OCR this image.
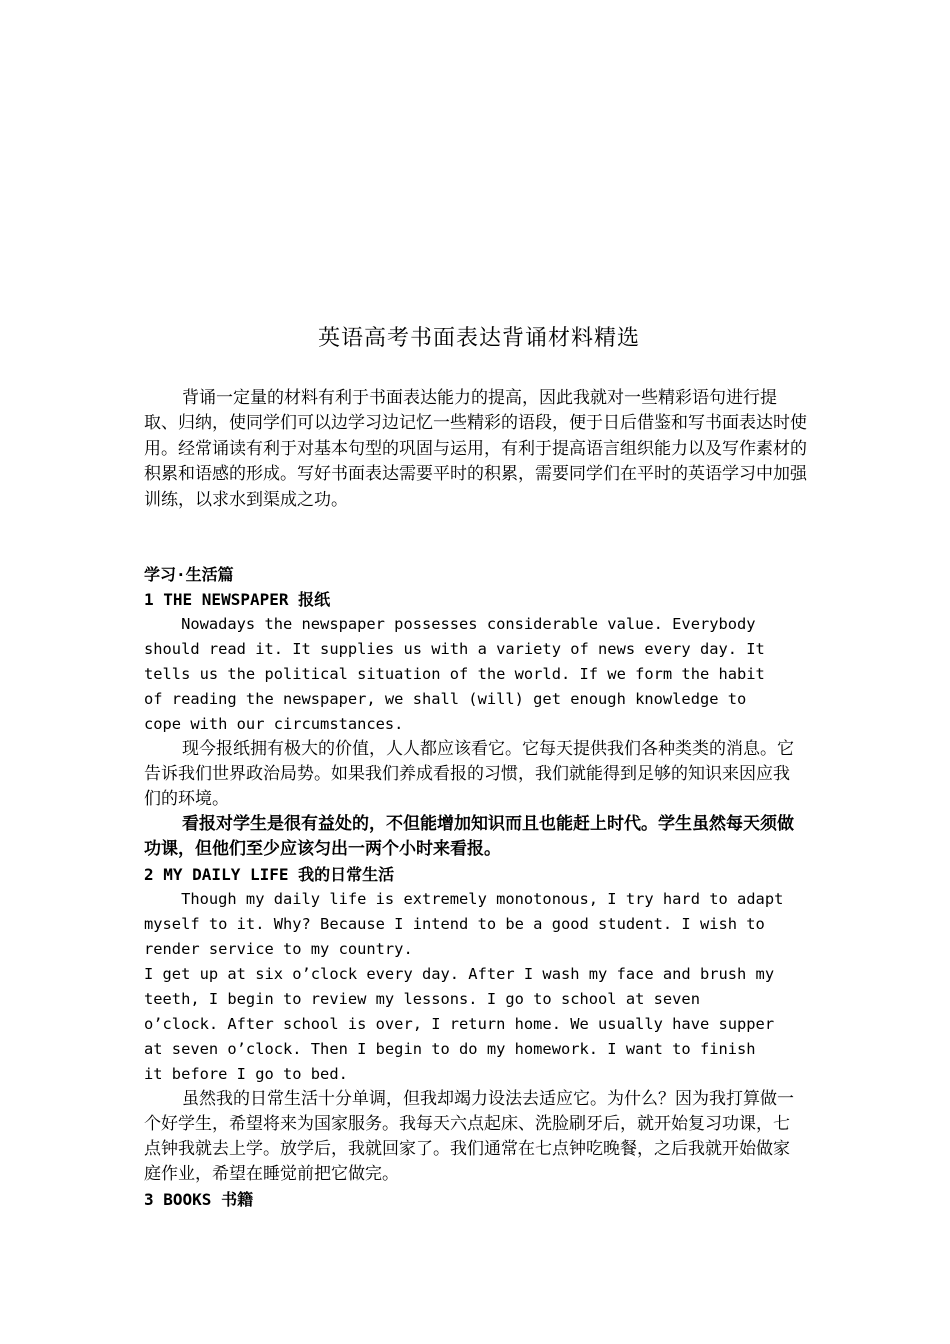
英语高考书面表达背诵材料精选

背诵一定量的材料有利于书面表达能力的提高，因此我就对一些精彩语句进行提取、归纳，使同学们可以边学习边记忆一些精彩的语段，便于日后借鉴和写书面表达时使用。经常诵读有利于对基本句型的巩固与运用，有利于提高语言组织能力以及写作素材的积累和语感的形成。写好书面表达需要平时的积累，需要同学们在平时的英语学习中加强训练，以求水到渠成之功。

学习·生活篇
1 THE NEWSPAPER 报纸
Nowadays the newspaper possesses considerable value. Everybody
should read it. It supplies us with a variety of news every day. It
tells us the political situation of the world. If we form the habit
of reading the newspaper, we shall (will) get enough knowledge to
cope with our circumstances.

现今报纸拥有极大的价值，人人都应该看它。它每天提供我们各种类类的消息。它告诉我们世界政治局势。如果我们养成看报的习惯，我们就能得到足够的知识来因应我们的环境。

看报对学生是很有益处的，不但能增加知识而且也能赶上时代。学生虽然每天须做功课，但他们至少应该匀出一两个小时来看报。

2 MY DAILY LIFE 我的日常生活
Though my daily life is extremely monotonous, I try hard to adapt
myself to it. Why? Because I intend to be a good student. I wish to
render service to my country.
I get up at six o’clock every day. After I wash my face and brush my
teeth, I begin to review my lessons. I go to school at seven
o’clock. After school is over, I return home. We usually have supper
at seven o’clock. Then I begin to do my homework. I want to finish
it before I go to bed.

虽然我的日常生活十分单调，但我却竭力设法去适应它。为什么？因为我打算做一个好学生，希望将来为国家服务。我每天六点起床、洗脸刷牙后，就开始复习功课，七点钟我就去上学。放学后，我就回家了。我们通常在七点钟吃晚餐，之后我就开始做家庭作业，希望在睡觉前把它做完。

3 BOOKS 书籍
